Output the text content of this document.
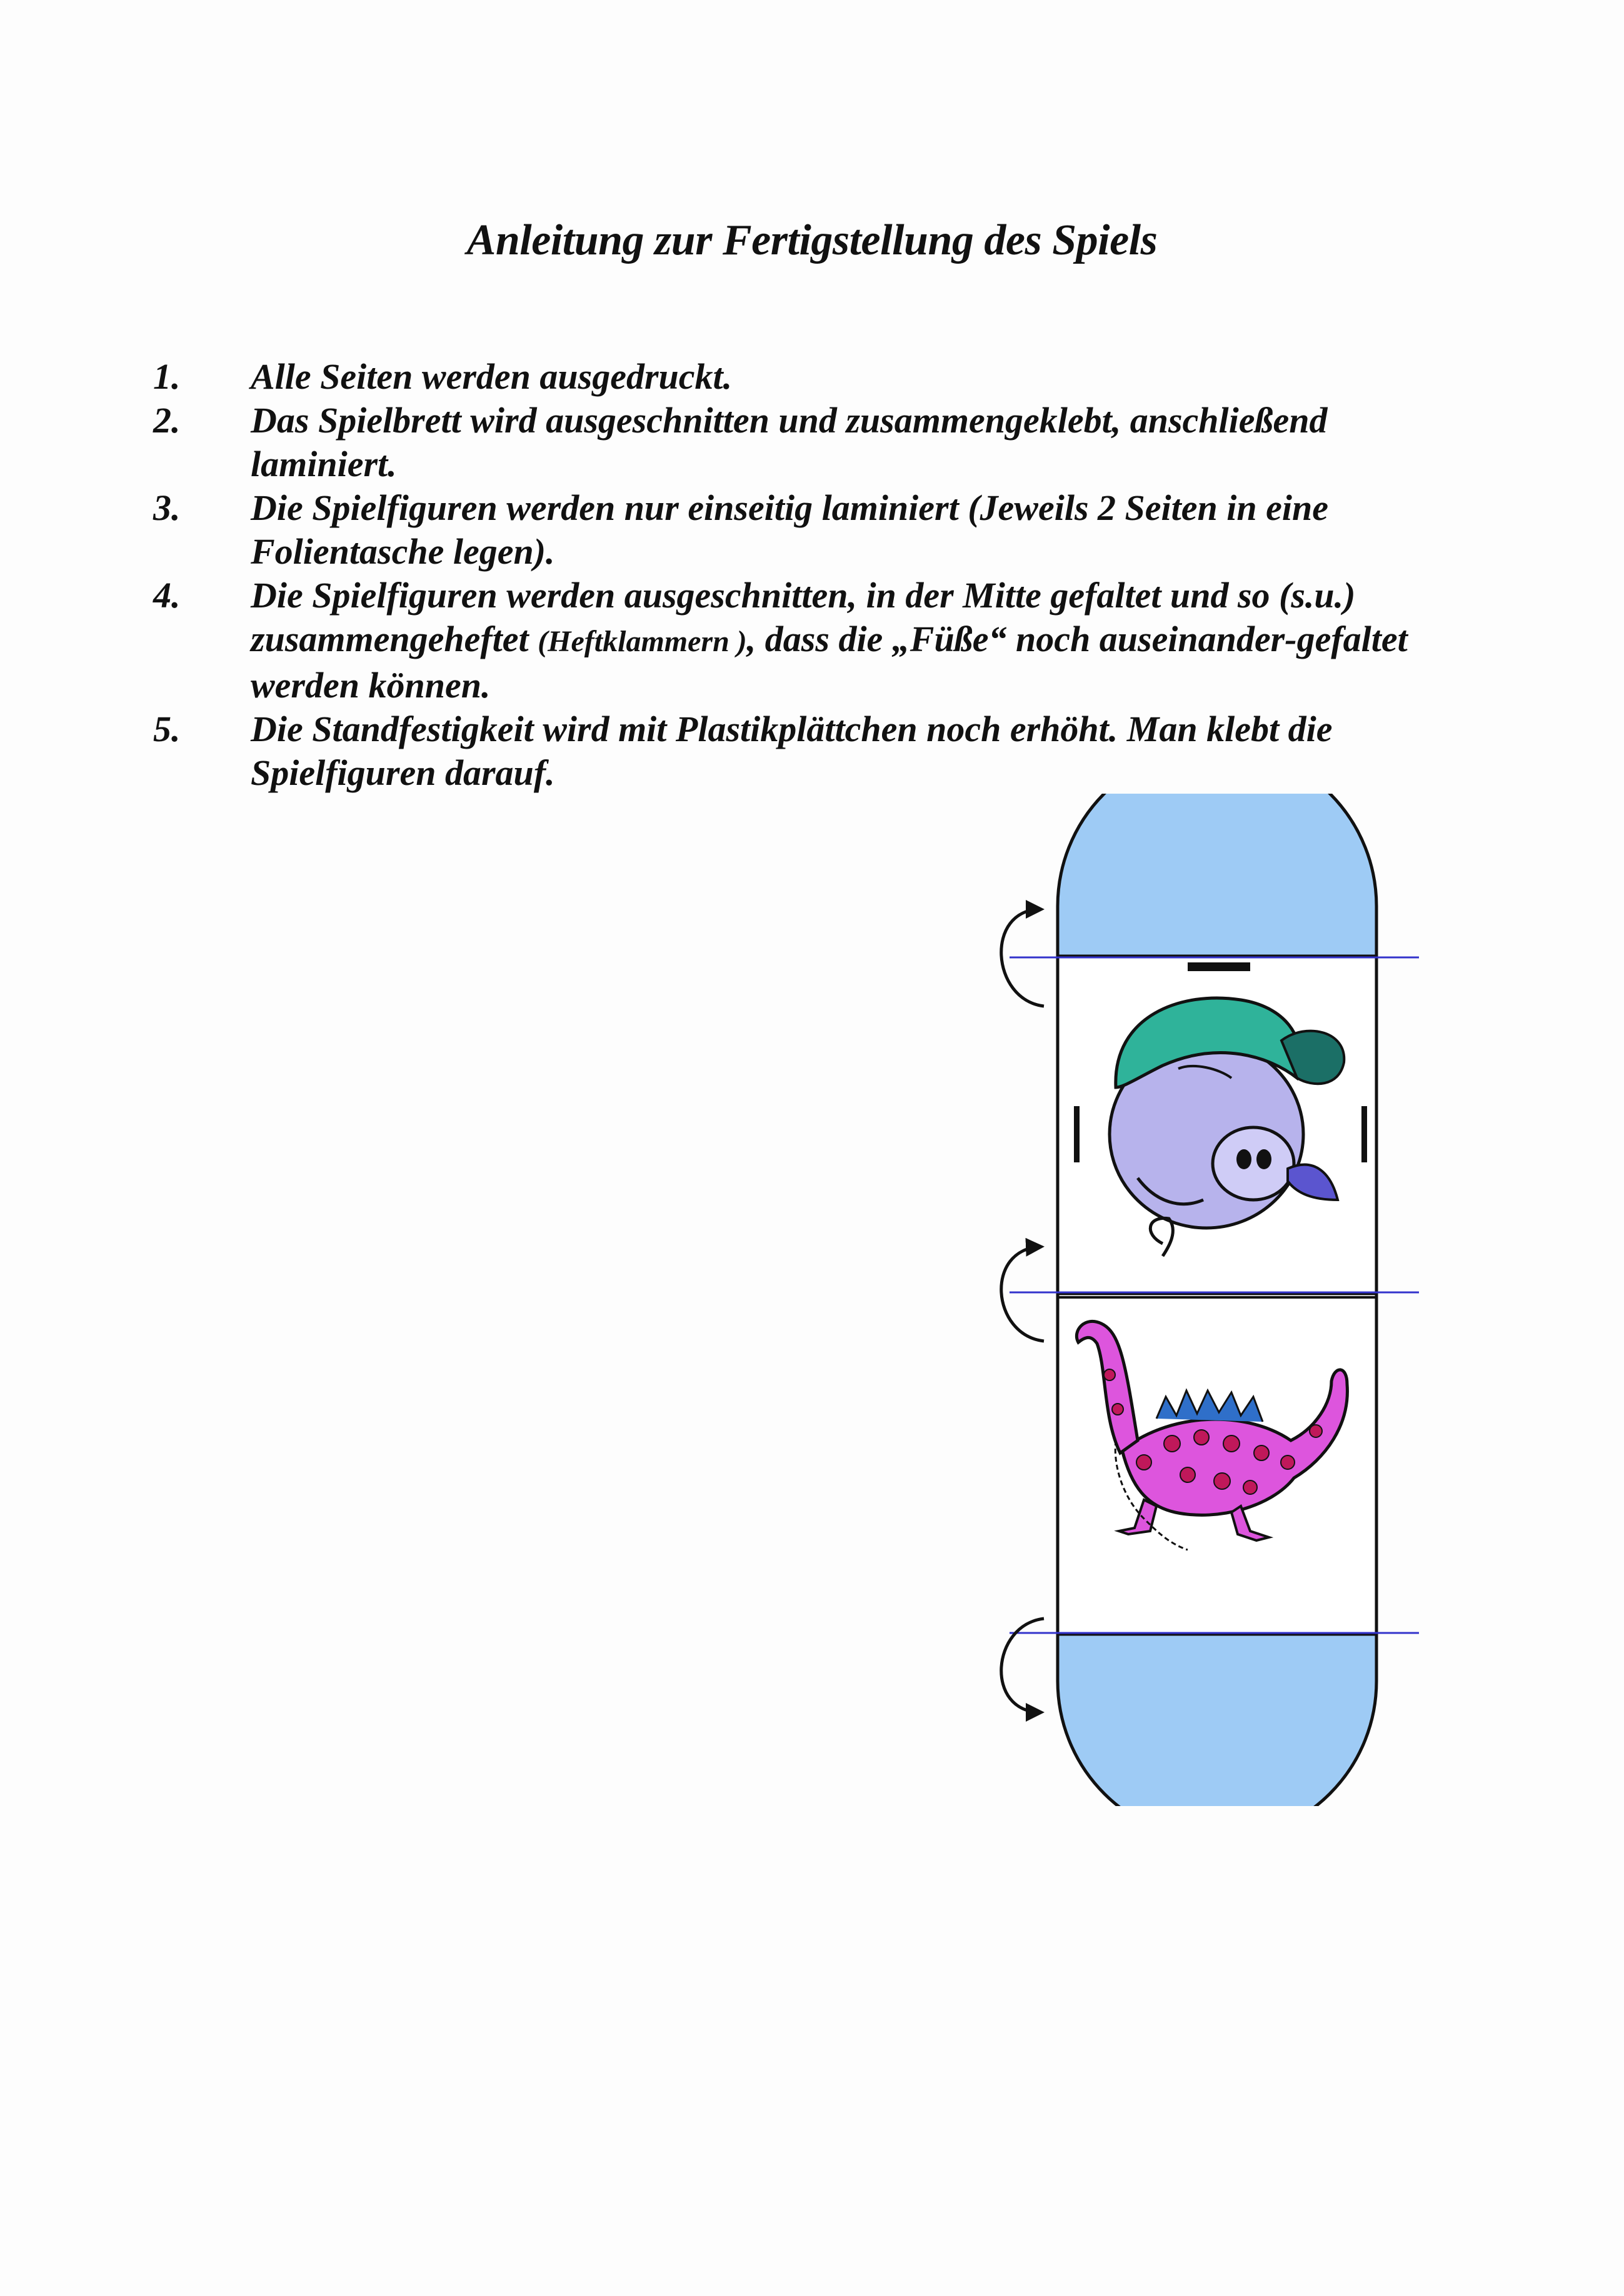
Anleitung zur Fertigstellung des Spiels
1.	Alle Seiten werden ausgedruckt.
2.	Das Spielbrett wird ausgeschnitten und zusammengeklebt, anschließend laminiert.
3.	Die Spielfiguren werden nur einseitig laminiert (Jeweils 2 Seiten in eine Folientasche legen).
4.	Die Spielfiguren werden ausgeschnitten, in der Mitte gefaltet und so (s.u.) zusammengeheftet (Heftklammern ), dass die „Füße“ noch auseinander-gefaltet werden können.
5.	Die Standfestigkeit wird mit Plastikplättchen noch erhöht. Man klebt die Spielfiguren darauf.
